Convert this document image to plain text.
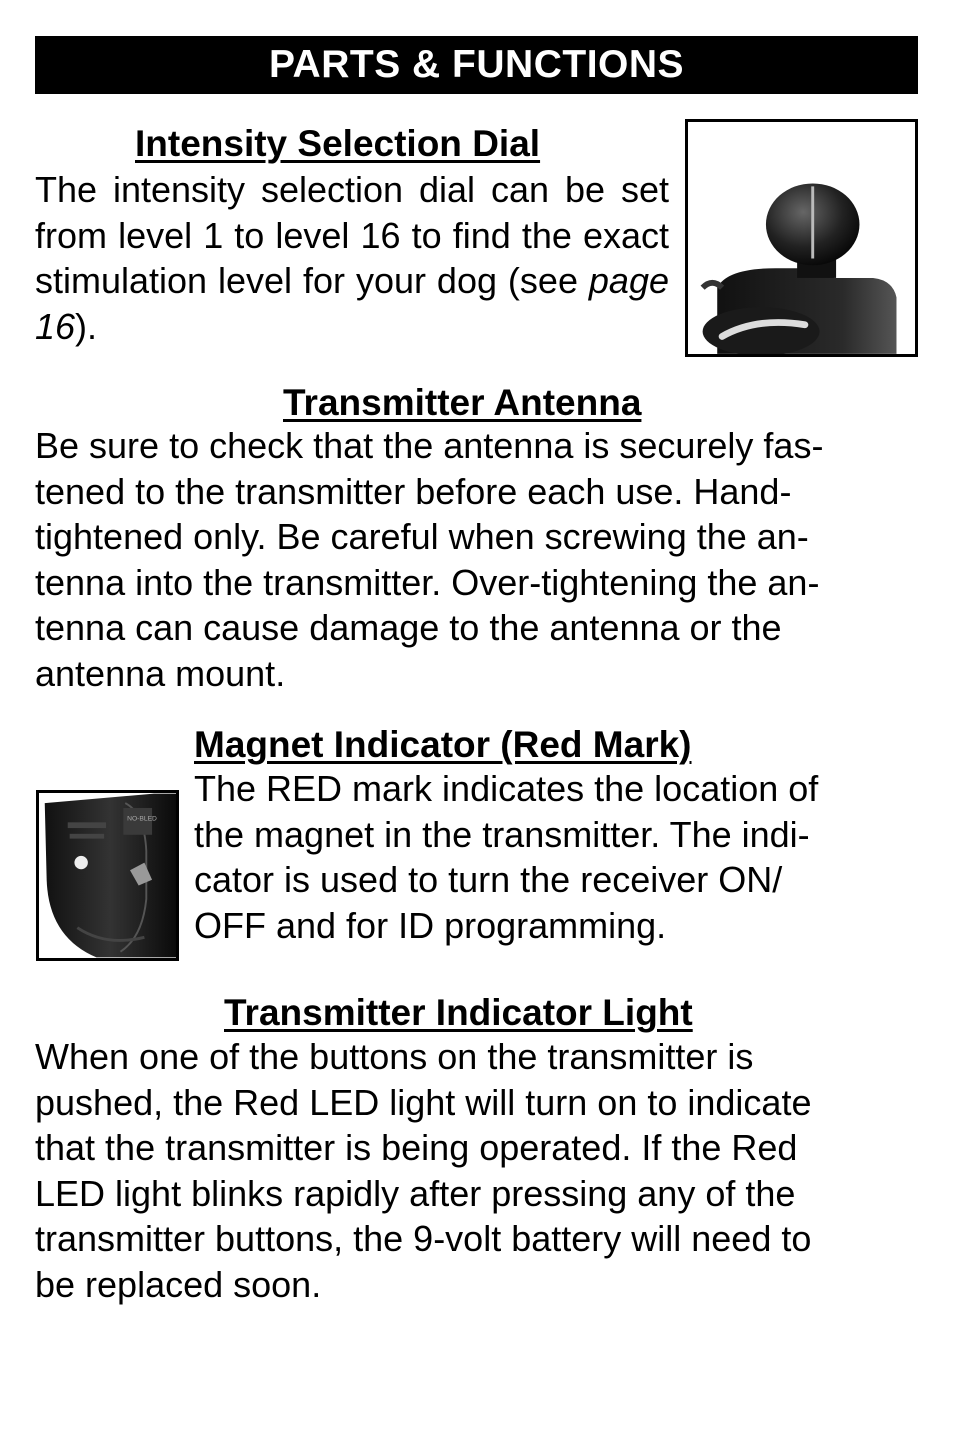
PARTS & FUNCTIONS
Intensity Selection Dial

The intensity selection dial can be set from level 1 to level 16 to find the exact stimulation level for your dog (see page 16).

Transmitter Antenna

Be sure to check that the antenna is securely fas-
tened to the transmitter before each use. Hand-
tightened only. Be careful when screwing the an-
tenna into the transmitter. Over-tightening the an-
tenna can cause damage to the antenna or the
antenna mount.

Magnet Indicator (Red Mark)

The RED mark indicates the location of
the magnet in the transmitter. The indi-
cator is used to turn the receiver ON/
OFF and for ID programming.

NO-BLED
Transmitter Indicator Light

When one of the buttons on the transmitter is
pushed, the Red LED light will turn on to indicate
that the transmitter is being operated. If the Red
LED light blinks rapidly after pressing any of the
transmitter buttons, the 9-volt battery will need to
be replaced soon.
